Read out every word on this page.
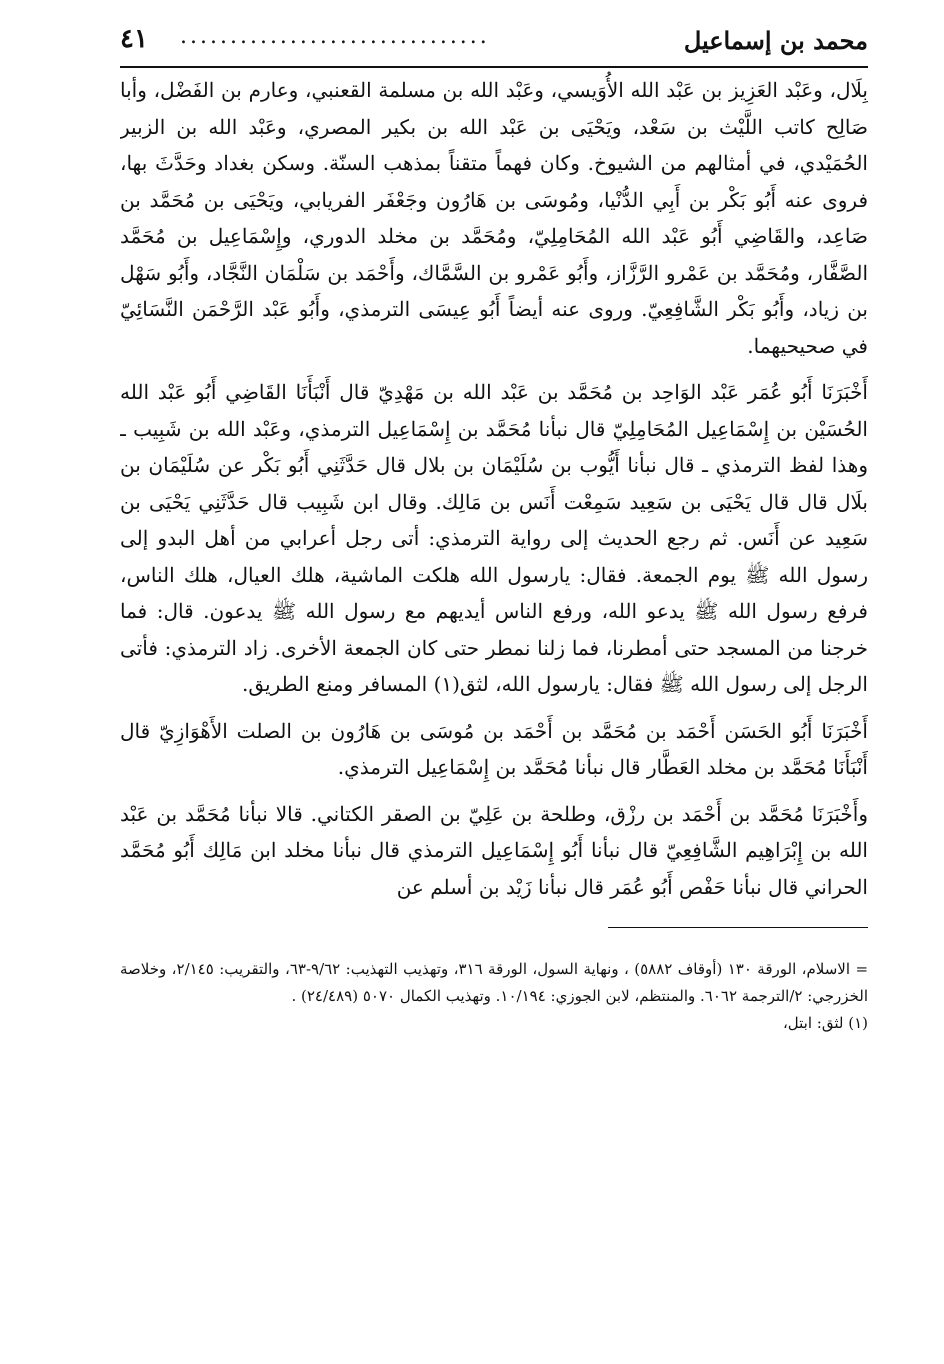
محمد بن إسماعيل
...............................
٤١

بِلَال، وعَبْد العَزِيز بن عَبْد الله الأُوَيسي، وعَبْد الله بن مسلمة القعنبي، وعارم بن الفَضْل، وأبا صَالِح كاتب اللَّيْث بن سَعْد، ويَحْيَى بن عَبْد الله بن بكير المصري، وعَبْد الله بن الزبير الحُمَيْدي، في أمثالهم من الشيوخ. وكان فهماً متقناً بمذهب السنّة. وسكن بغداد وحَدَّثَ بها، فروى عنه أَبُو بَكْر بن أَبِي الدُّنْيا، ومُوسَى بن هَارُون وجَعْفَر الفريابي، ويَحْيَى بن مُحَمَّد بن صَاعِد، والقَاضِي أَبُو عَبْد الله المُحَامِلِيّ، ومُحَمَّد بن مخلد الدوري، وإِسْمَاعِيل بن مُحَمَّد الصَّفَّار، ومُحَمَّد بن عَمْرو الرَّزَّاز، وأَبُو عَمْرو بن السَّمَّاك، وأَحْمَد بن سَلْمَان النَّجَّاد، وأَبُو سَهْل بن زياد، وأَبُو بَكْر الشَّافِعِيّ. وروى عنه أيضاً أَبُو عِيسَى الترمذي، وأَبُو عَبْد الرَّحْمَن النَّسَائِيّ في صحيحيهما.

أَخْبَرَنَا أَبُو عُمَر عَبْد الوَاحِد بن مُحَمَّد بن عَبْد الله بن مَهْدِيّ قال أَنْبَأَنَا القَاضِي أَبُو عَبْد الله الحُسَيْن بن إِسْمَاعِيل المُحَامِلِيّ قال نبأنا مُحَمَّد بن إِسْمَاعِيل الترمذي، وعَبْد الله بن شَبِيب ـ وهذا لفظ الترمذي ـ قال نبأنا أَيُّوب بن سُلَيْمَان بن بلال قال حَدَّثَنِي أَبُو بَكْر عن سُلَيْمَان بن بلَال قال قال يَحْيَى بن سَعِيد سَمِعْت أَنَس بن مَالِك. وقال ابن شَبِيب قال حَدَّثَنِي يَحْيَى بن سَعِيد عن أَنَس. ثم رجع الحديث إلى رواية الترمذي: أتى رجل أعرابي من أهل البدو إلى رسول الله ﷺ يوم الجمعة. فقال: يارسول الله هلكت الماشية، هلك العيال، هلك الناس، فرفع رسول الله ﷺ يدعو الله، ورفع الناس أيديهم مع رسول الله ﷺ يدعون. قال: فما خرجنا من المسجد حتى أمطرنا، فما زلنا نمطر حتى كان الجمعة الأخرى. زاد الترمذي: فأتى الرجل إلى رسول الله ﷺ فقال: يارسول الله، لثق(١) المسافر ومنع الطريق.

أَخْبَرَنَا أَبُو الحَسَن أَحْمَد بن مُحَمَّد بن أَحْمَد بن مُوسَى بن هَارُون بن الصلت الأَهْوَازِيّ قال أَنْبَأَنَا مُحَمَّد بن مخلد العَطَّار قال نبأنا مُحَمَّد بن إِسْمَاعِيل الترمذي.

وأَخْبَرَنَا مُحَمَّد بن أَحْمَد بن رزْق، وطلحة بن عَلِيّ بن الصقر الكتاني. قالا نبأنا مُحَمَّد بن عَبْد الله بن إِبْرَاهِيم الشَّافِعِيّ قال نبأنا أَبُو إِسْمَاعِيل الترمذي قال نبأنا مخلد ابن مَالِك أَبُو مُحَمَّد الحراني قال نبأنا حَفْص أَبُو عُمَر قال نبأنا زَيْد بن أسلم عن

= الاسلام، الورقة ١٣٠ (أوقاف ٥٨٨٢) ، ونهاية السول، الورقة ٣١٦، وتهذيب التهذيب: ٩/٦٢-٦٣، والتقريب: ٢/١٤٥، وخلاصة الخزرجي: ٢/الترجمة ٦٠٦٢. والمنتظم، لابن الجوزي: ١٠/١٩٤. وتهذيب الكمال ٥٠٧٠ (٢٤/٤٨٩) .

(١) لثق: ابتل،
